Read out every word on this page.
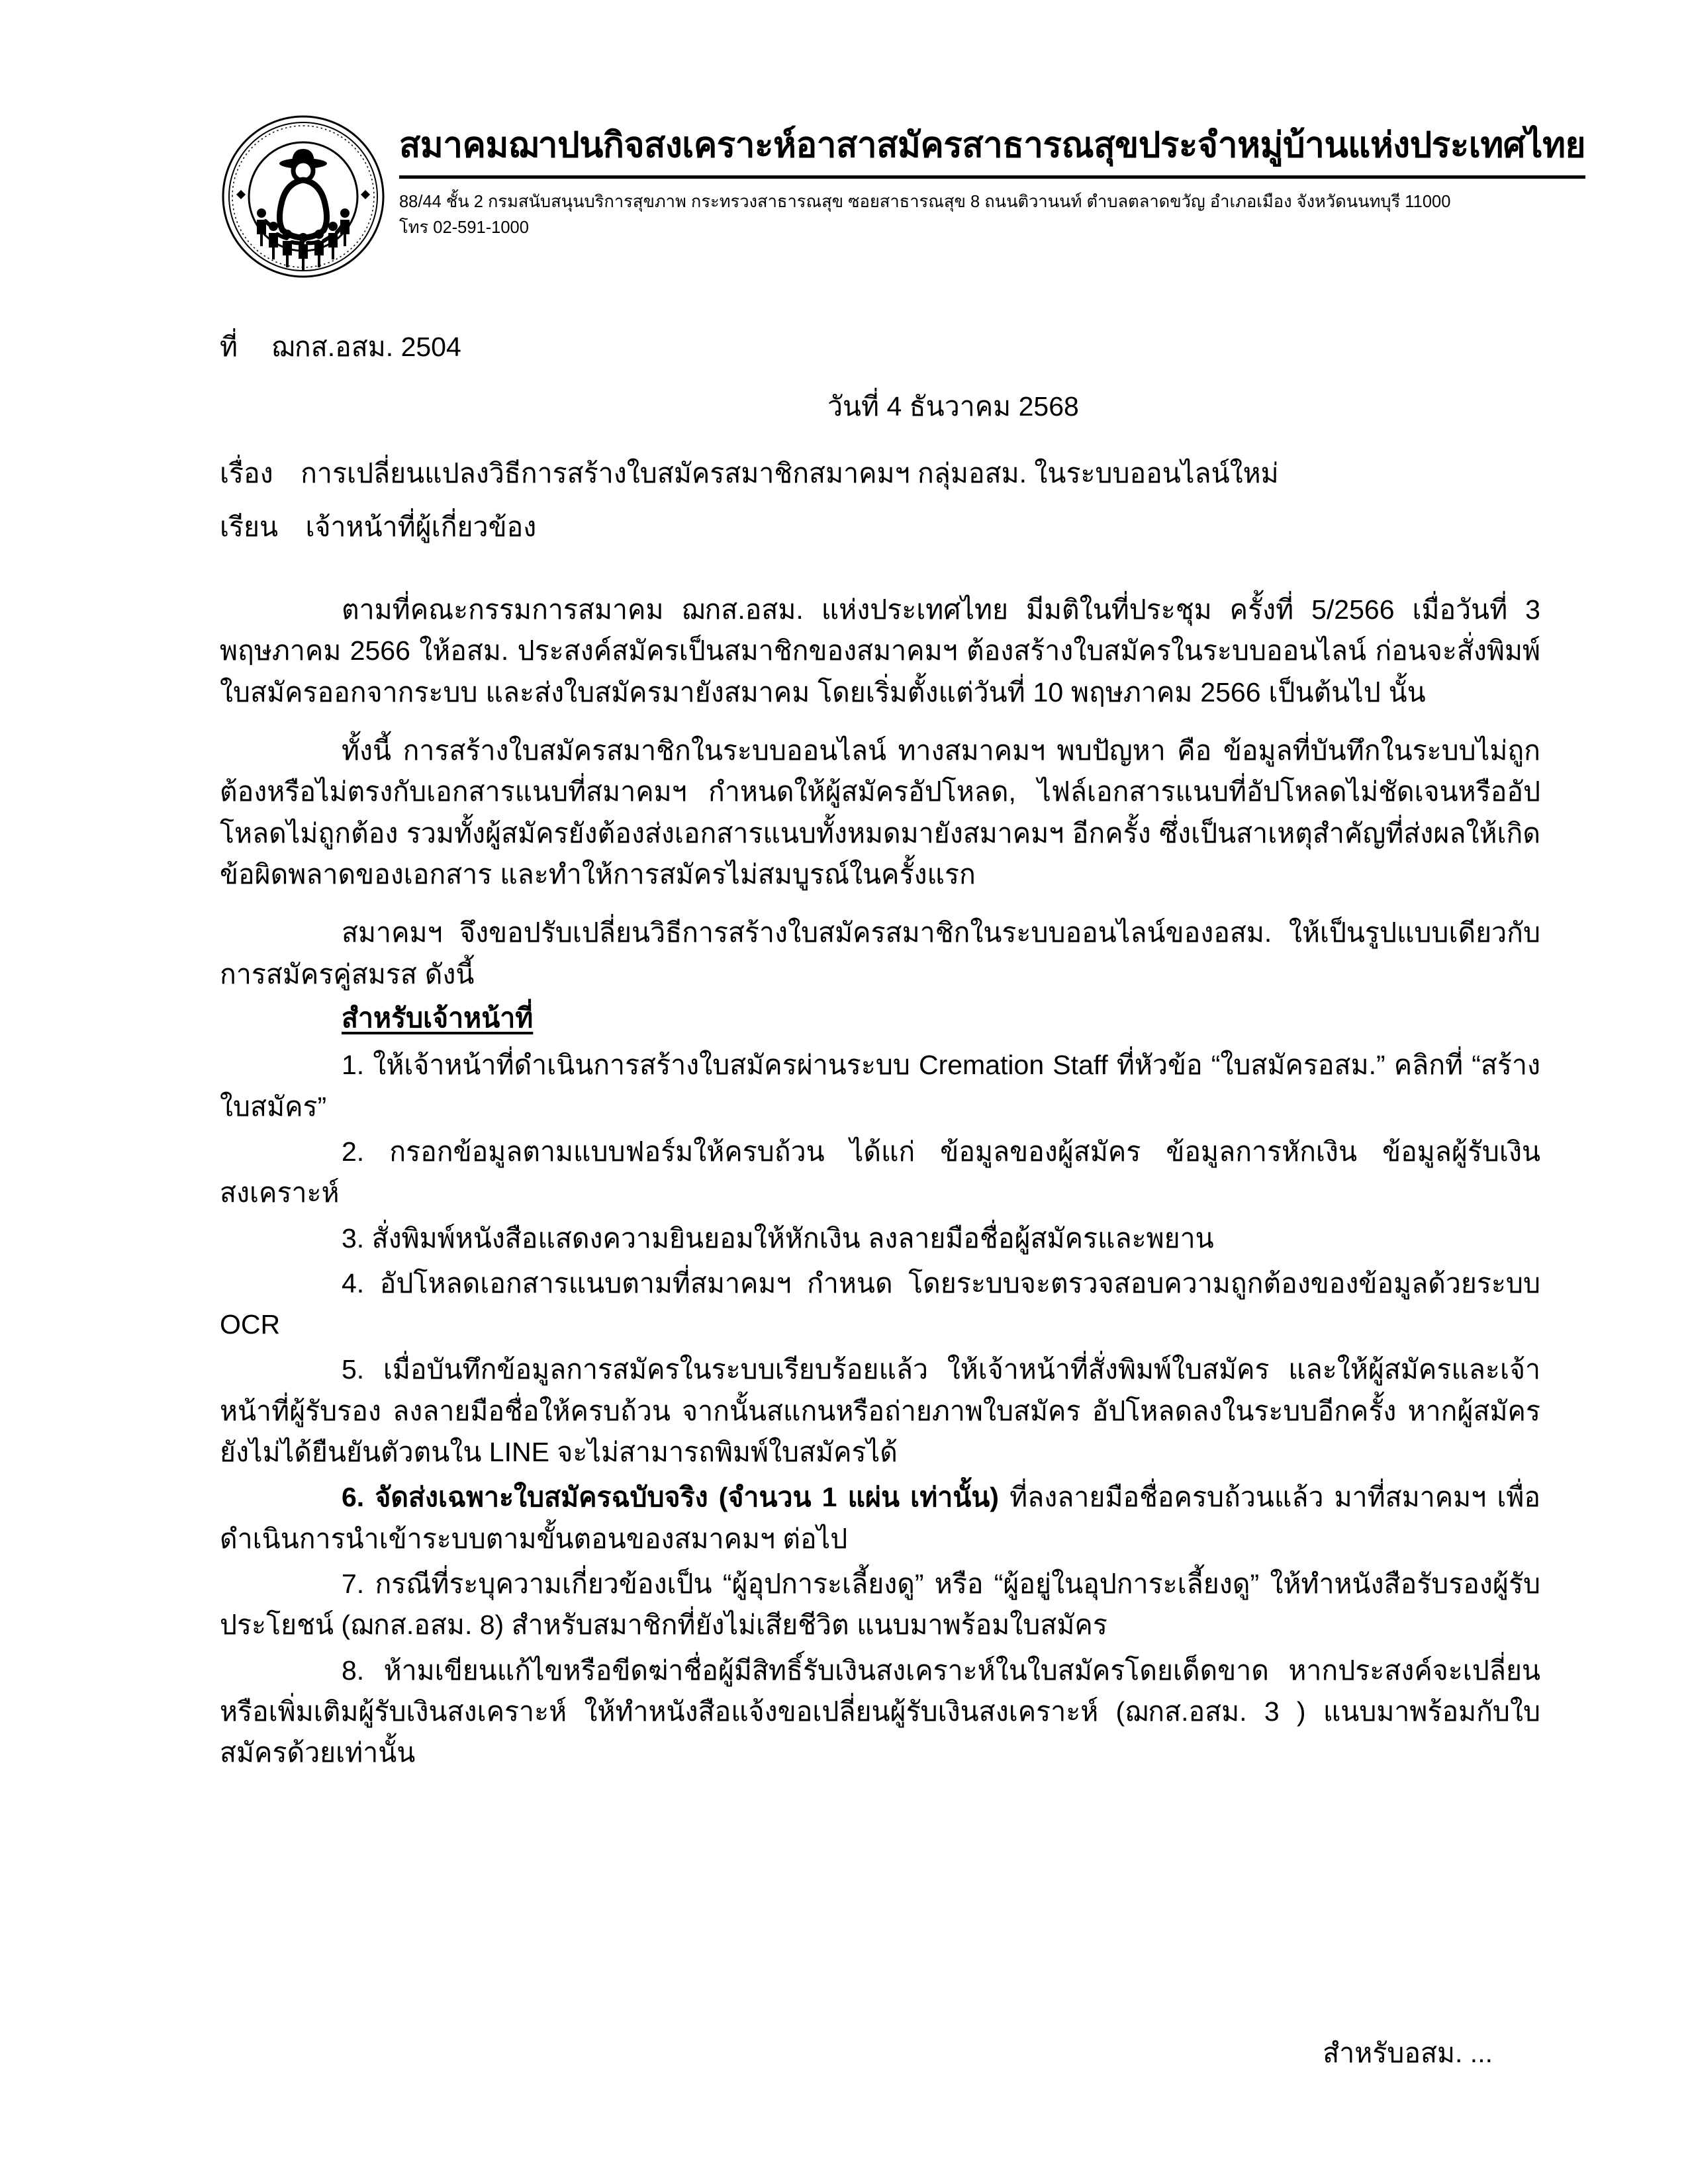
สมาคมฌาปนกิจสงเคราะห์อาสาสมัครสาธารณสุขประจำหมู่บ้านแห่งประเทศไทย
88/44 ชั้น 2 กรมสนับสนุนบริการสุขภาพ กระทรวงสาธารณสุข ซอยสาธารณสุข 8 ถนนติวานนท์ ตำบลตลาดขวัญ อำเภอเมือง จังหวัดนนทบุรี 11000
โทร 02-591-1000
ที่ ฌกส.อสม. 2504
วันที่ 4 ธันวาคม 2568
เรื่อง การเปลี่ยนแปลงวิธีการสร้างใบสมัครสมาชิกสมาคมฯ กลุ่มอสม. ในระบบออนไลน์ใหม่
เรียน เจ้าหน้าที่ผู้เกี่ยวข้อง

ตามที่คณะกรรมการสมาคม ฌกส.อสม. แห่งประเทศไทย มีมติในที่ประชุม ครั้งที่ 5/2566 เมื่อวันที่ 3 พฤษภาคม 2566 ให้อสม. ประสงค์สมัครเป็นสมาชิกของสมาคมฯ ต้องสร้างใบสมัครในระบบออนไลน์ ก่อนจะสั่งพิมพ์ใบสมัครออกจากระบบ และส่งใบสมัครมายังสมาคม โดยเริ่มตั้งแต่วันที่ 10 พฤษภาคม 2566 เป็นต้นไป นั้น

ทั้งนี้ การสร้างใบสมัครสมาชิกในระบบออนไลน์ ทางสมาคมฯ พบปัญหา คือ ข้อมูลที่บันทึกในระบบไม่ถูกต้องหรือไม่ตรงกับเอกสารแนบที่สมาคมฯ กำหนดให้ผู้สมัครอัปโหลด, ไฟล์เอกสารแนบที่อัปโหลดไม่ชัดเจนหรืออัปโหลดไม่ถูกต้อง รวมทั้งผู้สมัครยังต้องส่งเอกสารแนบทั้งหมดมายังสมาคมฯ อีกครั้ง ซึ่งเป็นสาเหตุสำคัญที่ส่งผลให้เกิดข้อผิดพลาดของเอกสาร และทำให้การสมัครไม่สมบูรณ์ในครั้งแรก

สมาคมฯ จึงขอปรับเปลี่ยนวิธีการสร้างใบสมัครสมาชิกในระบบออนไลน์ของอสม. ให้เป็นรูปแบบเดียวกับการสมัครคู่สมรส ดังนี้

สำหรับเจ้าหน้าที่
1. ให้เจ้าหน้าที่ดำเนินการสร้างใบสมัครผ่านระบบ Cremation Staff ที่หัวข้อ “ใบสมัครอสม.” คลิกที่ “สร้างใบสมัคร”
2. กรอกข้อมูลตามแบบฟอร์มให้ครบถ้วน ได้แก่ ข้อมูลของผู้สมัคร ข้อมูลการหักเงิน ข้อมูลผู้รับเงินสงเคราะห์
3. สั่งพิมพ์หนังสือแสดงความยินยอมให้หักเงิน ลงลายมือชื่อผู้สมัครและพยาน
4. อัปโหลดเอกสารแนบตามที่สมาคมฯ กำหนด โดยระบบจะตรวจสอบความถูกต้องของข้อมูลด้วยระบบ OCR
5. เมื่อบันทึกข้อมูลการสมัครในระบบเรียบร้อยแล้ว ให้เจ้าหน้าที่สั่งพิมพ์ใบสมัคร และให้ผู้สมัครและเจ้าหน้าที่ผู้รับรอง ลงลายมือชื่อให้ครบถ้วน จากนั้นสแกนหรือถ่ายภาพใบสมัคร อัปโหลดลงในระบบอีกครั้ง หากผู้สมัครยังไม่ได้ยืนยันตัวตนใน LINE จะไม่สามารถพิมพ์ใบสมัครได้
6. จัดส่งเฉพาะใบสมัครฉบับจริง (จำนวน 1 แผ่น เท่านั้น) ที่ลงลายมือชื่อครบถ้วนแล้ว มาที่สมาคมฯ เพื่อดำเนินการนำเข้าระบบตามขั้นตอนของสมาคมฯ ต่อไป
7. กรณีที่ระบุความเกี่ยวข้องเป็น “ผู้อุปการะเลี้ยงดู” หรือ “ผู้อยู่ในอุปการะเลี้ยงดู” ให้ทำหนังสือรับรองผู้รับประโยชน์ (ฌกส.อสม. 8) สำหรับสมาชิกที่ยังไม่เสียชีวิต แนบมาพร้อมใบสมัคร
8. ห้ามเขียนแก้ไขหรือขีดฆ่าชื่อผู้มีสิทธิ์รับเงินสงเคราะห์ในใบสมัครโดยเด็ดขาด หากประสงค์จะเปลี่ยนหรือเพิ่มเติมผู้รับเงินสงเคราะห์ ให้ทำหนังสือแจ้งขอเปลี่ยนผู้รับเงินสงเคราะห์ (ฌกส.อสม. 3 ) แนบมาพร้อมกับใบสมัครด้วยเท่านั้น
สำหรับอสม. ...
